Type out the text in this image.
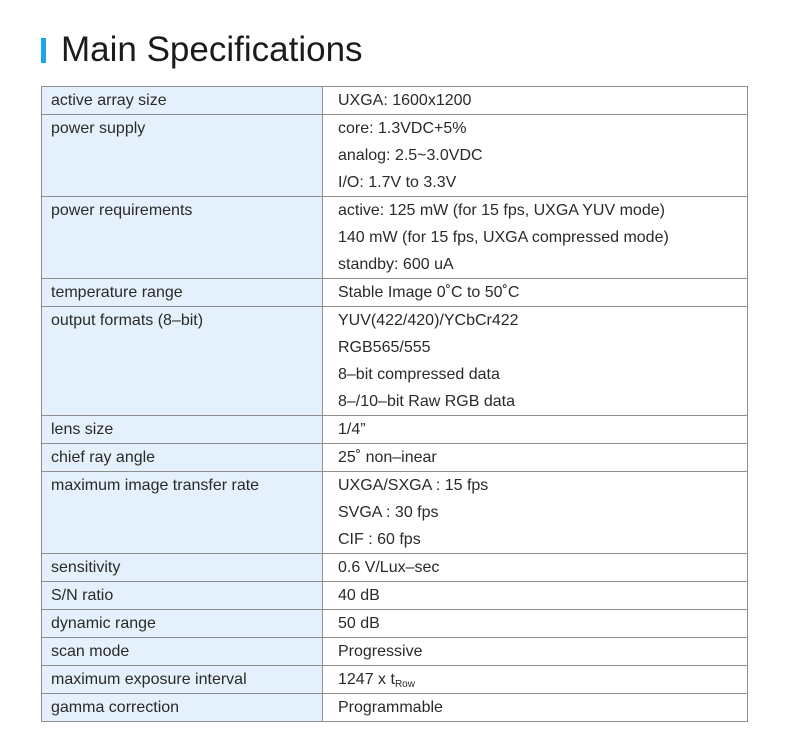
Main Specifications
active array size	UXGA: 1600x1200

power supply	core: 1.3VDC+5%
analog: 2.5~3.0VDC
I/O: 1.7V to 3.3V

power requirements	active: 125 mW (for 15 fps, UXGA YUV mode)
140 mW (for 15 fps, UXGA compressed mode)
standby: 600 uA

temperature range	Stable Image 0˚C to 50˚C

output formats (8–bit)	YUV(422/420)/YCbCr422
RGB565/555
8–bit compressed data
8–/10–bit Raw RGB data

lens size	1/4”

chief ray angle	25˚ non–inear

maximum image transfer rate	UXGA/SXGA : 15 fps
SVGA : 30 fps
CIF : 60 fps

sensitivity	0.6 V/Lux–sec

S/N ratio	40 dB

dynamic range	50 dB

scan mode	Progressive

maximum exposure interval	1247 x $t_{Row}$

gamma correction	Programmable
